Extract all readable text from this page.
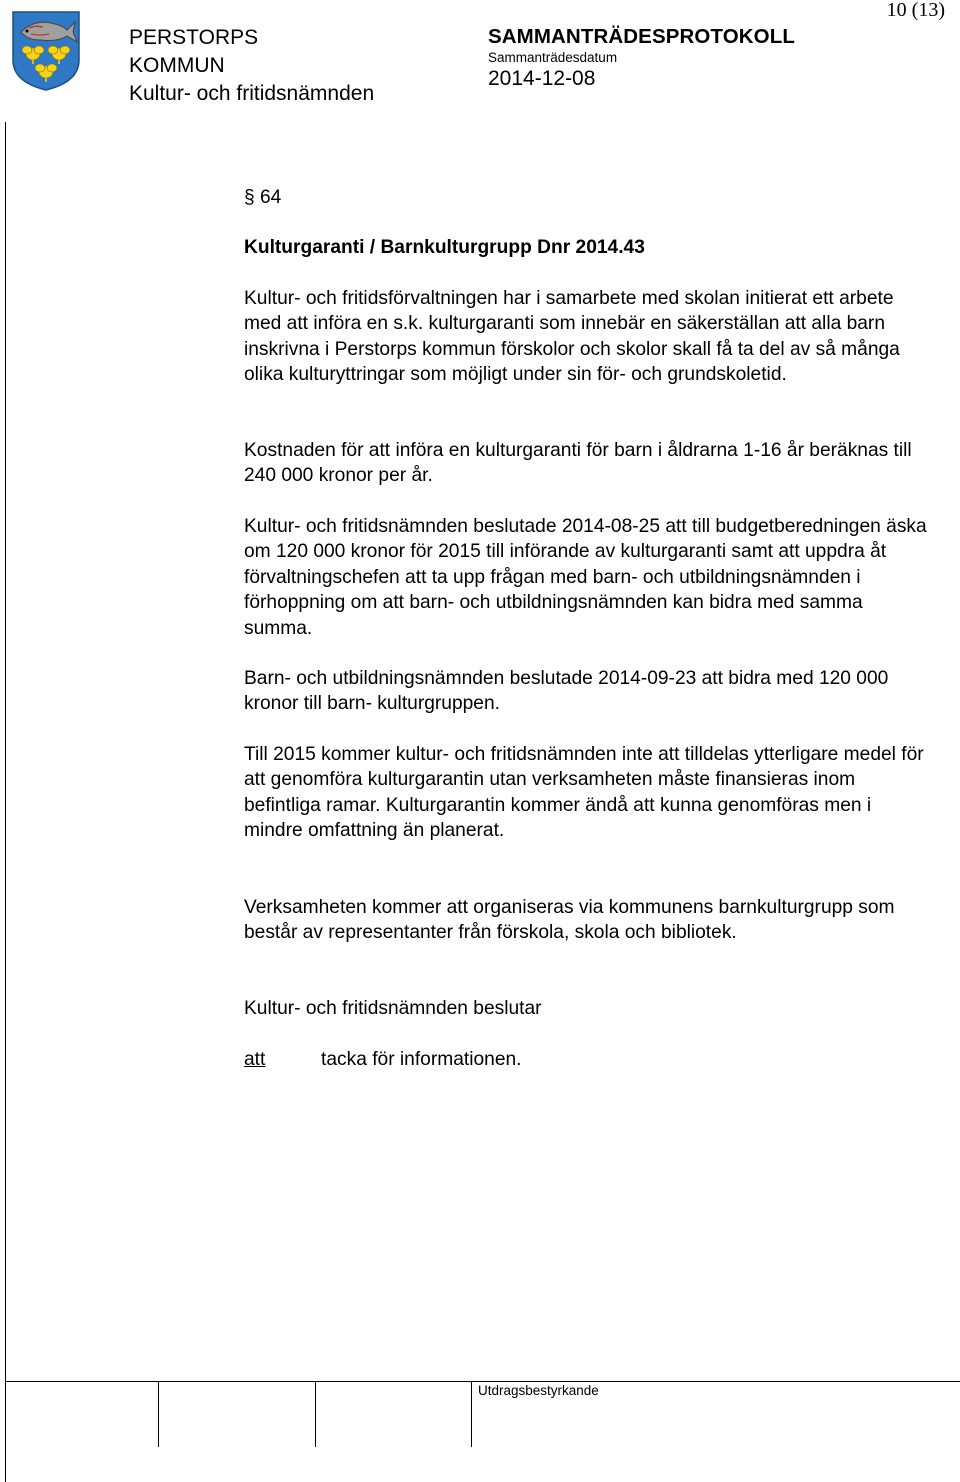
PERSTORPS
KOMMUN
Kultur- och fritidsnämnden
SAMMANTRÄDESPROTOKOLL
Sammanträdesdatum
2014-12-08
10 (13)
§ 64
Kulturgaranti / Barnkulturgrupp Dnr 2014.43

Kultur- och fritidsförvaltningen har i samarbete med skolan initierat ett arbete med att införa en s.k. kulturgaranti som innebär en säkerställan att alla barn inskrivna i Perstorps kommun förskolor och skolor skall få ta del av så många olika kulturyttringar som möjligt under sin för- och grundskoletid.

Kostnaden för att införa en kulturgaranti för barn i åldrarna 1-16 år beräknas till 240 000 kronor per år.

Kultur- och fritidsnämnden beslutade 2014-08-25 att till budgetberedningen äska om 120 000 kronor för 2015 till införande av kulturgaranti samt att uppdra åt förvaltningschefen att ta upp frågan med barn- och utbildningsnämnden i förhoppning om att barn- och utbildningsnämnden kan bidra med samma summa.

Barn- och utbildningsnämnden beslutade 2014-09-23 att bidra med 120 000 kronor till barn- kulturgruppen.

Till 2015 kommer kultur- och fritidsnämnden inte att tilldelas ytterligare medel för att genomföra kulturgarantin utan verksamheten måste finansieras inom befintliga ramar. Kulturgarantin kommer ändå att kunna genomföras men i mindre omfattning än planerat.

Verksamheten kommer att organiseras via kommunens barnkulturgrupp som består av representanter från förskola, skola och bibliotek.

Kultur- och fritidsnämnden beslutar

att	tacka för informationen.
Utdragsbestyrkande
